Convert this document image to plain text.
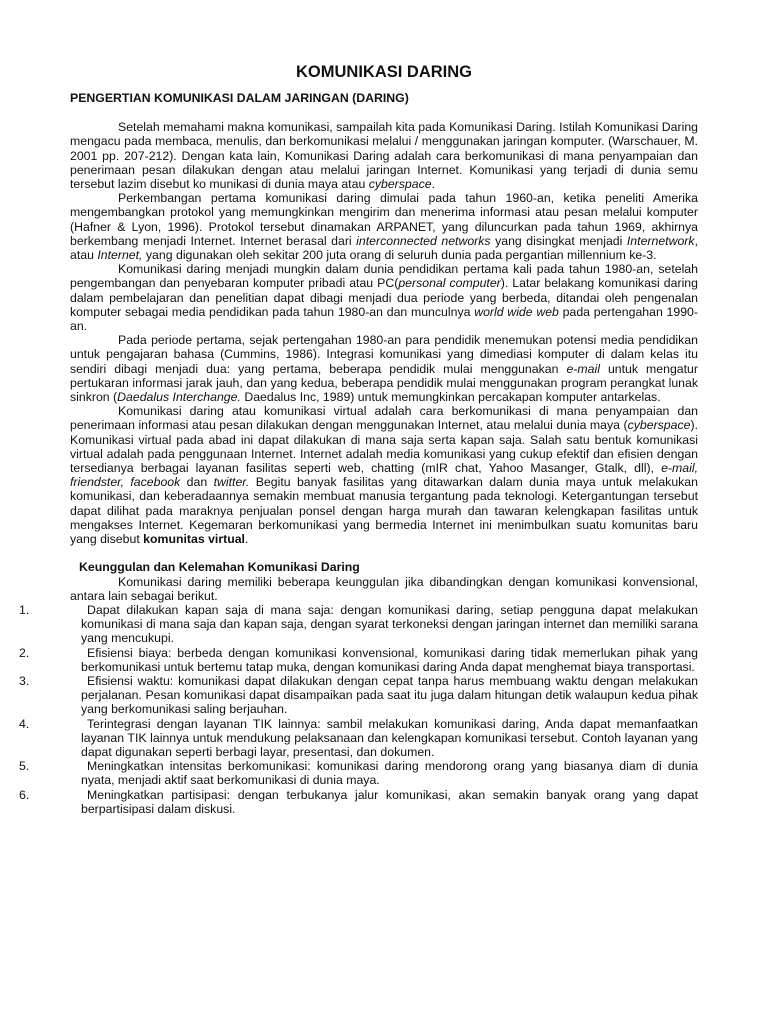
KOMUNIKASI DARING
PENGERTIAN KOMUNIKASI DALAM JARINGAN (DARING)

Setelah memahami makna komunikasi, sampailah kita pada Komunikasi Daring. Istilah Komunikasi Daring mengacu pada membaca, menulis, dan berkomunikasi melalui / menggunakan jaringan komputer. (Warschauer, M. 2001 pp. 207-212). Dengan kata lain, Komunikasi Daring adalah cara berkomunikasi di mana penyampaian dan penerimaan pesan dilakukan dengan atau melalui jaringan Internet. Komunikasi yang terjadi di dunia semu tersebut lazim disebut ko munikasi di dunia maya atau cyberspace.

Perkembangan pertama komunikasi daring dimulai pada tahun 1960-an, ketika peneliti Amerika mengembangkan protokol yang memungkinkan mengirim dan menerima informasi atau pesan melalui komputer (Hafner & Lyon, 1996). Protokol tersebut dinamakan ARPANET, yang diluncurkan pada tahun 1969, akhirnya berkembang menjadi Internet. Internet berasal dari interconnected networks yang disingkat menjadi Internetwork, atau Internet, yang digunakan oleh sekitar 200 juta orang di seluruh dunia pada pergantian millennium ke-3.

Komunikasi daring menjadi mungkin dalam dunia pendidikan pertama kali pada tahun 1980-an, setelah pengembangan dan penyebaran komputer pribadi atau PC(personal computer). Latar belakang komunikasi daring dalam pembelajaran dan penelitian dapat dibagi menjadi dua periode yang berbeda, ditandai oleh pengenalan komputer sebagai media pendidikan pada tahun 1980-an dan munculnya world wide web pada pertengahan 1990-an.

Pada periode pertama, sejak pertengahan 1980-an para pendidik menemukan potensi media pendidikan untuk pengajaran bahasa (Cummins, 1986). Integrasi komunikasi yang dimediasi komputer di dalam kelas itu sendiri dibagi menjadi dua: yang pertama, beberapa pendidik mulai menggunakan e-mail untuk mengatur pertukaran informasi jarak jauh, dan yang kedua, beberapa pendidik mulai menggunakan program perangkat lunak sinkron (Daedalus Interchange. Daedalus Inc, 1989) untuk memungkinkan percakapan komputer antarkelas.

Komunikasi daring atau komunikasi virtual adalah cara berkomunikasi di mana penyampaian dan penerimaan informasi atau pesan dilakukan dengan menggunakan Internet, atau melalui dunia maya (cyberspace). Komunikasi virtual pada abad ini dapat dilakukan di mana saja serta kapan saja. Salah satu bentuk komunikasi virtual adalah pada penggunaan Internet. Internet adalah media komunikasi yang cukup efektif dan efisien dengan tersedianya berbagai layanan fasilitas seperti web, chatting (mIR chat, Yahoo Masanger, Gtalk, dll), e-mail, friendster, facebook dan twitter. Begitu banyak fasilitas yang ditawarkan dalam dunia maya untuk melakukan komunikasi, dan keberadaannya semakin membuat manusia tergantung pada teknologi. Ketergantungan tersebut dapat dilihat pada maraknya penjualan ponsel dengan harga murah dan tawaran kelengkapan fasilitas untuk mengakses Internet. Kegemaran berkomunikasi yang bermedia Internet ini menimbulkan suatu komunitas baru yang disebut komunitas virtual.

Keunggulan dan Kelemahan Komunikasi Daring
Komunikasi daring memiliki beberapa keunggulan jika dibandingkan dengan komunikasi konvensional, antara lain sebagai berikut.
1.	Dapat dilakukan kapan saja di mana saja: dengan komunikasi daring, setiap pengguna dapat melakukan komunikasi di mana saja dan kapan saja, dengan syarat terkoneksi dengan jaringan internet dan memiliki sarana yang mencukupi.
2.	Efisiensi biaya: berbeda dengan komunikasi konvensional, komunikasi daring tidak memerlukan pihak yang berkomunikasi untuk bertemu tatap muka, dengan komunikasi daring Anda dapat menghemat biaya transportasi.
3.	Efisiensi waktu: komunikasi dapat dilakukan dengan cepat tanpa harus membuang waktu dengan melakukan perjalanan. Pesan komunikasi dapat disampaikan pada saat itu juga dalam hitungan detik walaupun kedua pihak yang berkomunikasi saling berjauhan.
4.	Terintegrasi dengan layanan TIK lainnya: sambil melakukan komunikasi daring, Anda dapat memanfaatkan layanan TIK lainnya untuk mendukung pelaksanaan dan kelengkapan komunikasi tersebut. Contoh layanan yang dapat digunakan seperti berbagi layar, presentasi, dan dokumen.
5.	Meningkatkan intensitas berkomunikasi: komunikasi daring mendorong orang yang biasanya diam di dunia nyata, menjadi aktif saat berkomunikasi di dunia maya.
6.	Meningkatkan partisipasi: dengan terbukanya jalur komunikasi, akan semakin banyak orang yang dapat berpartisipasi dalam diskusi.
